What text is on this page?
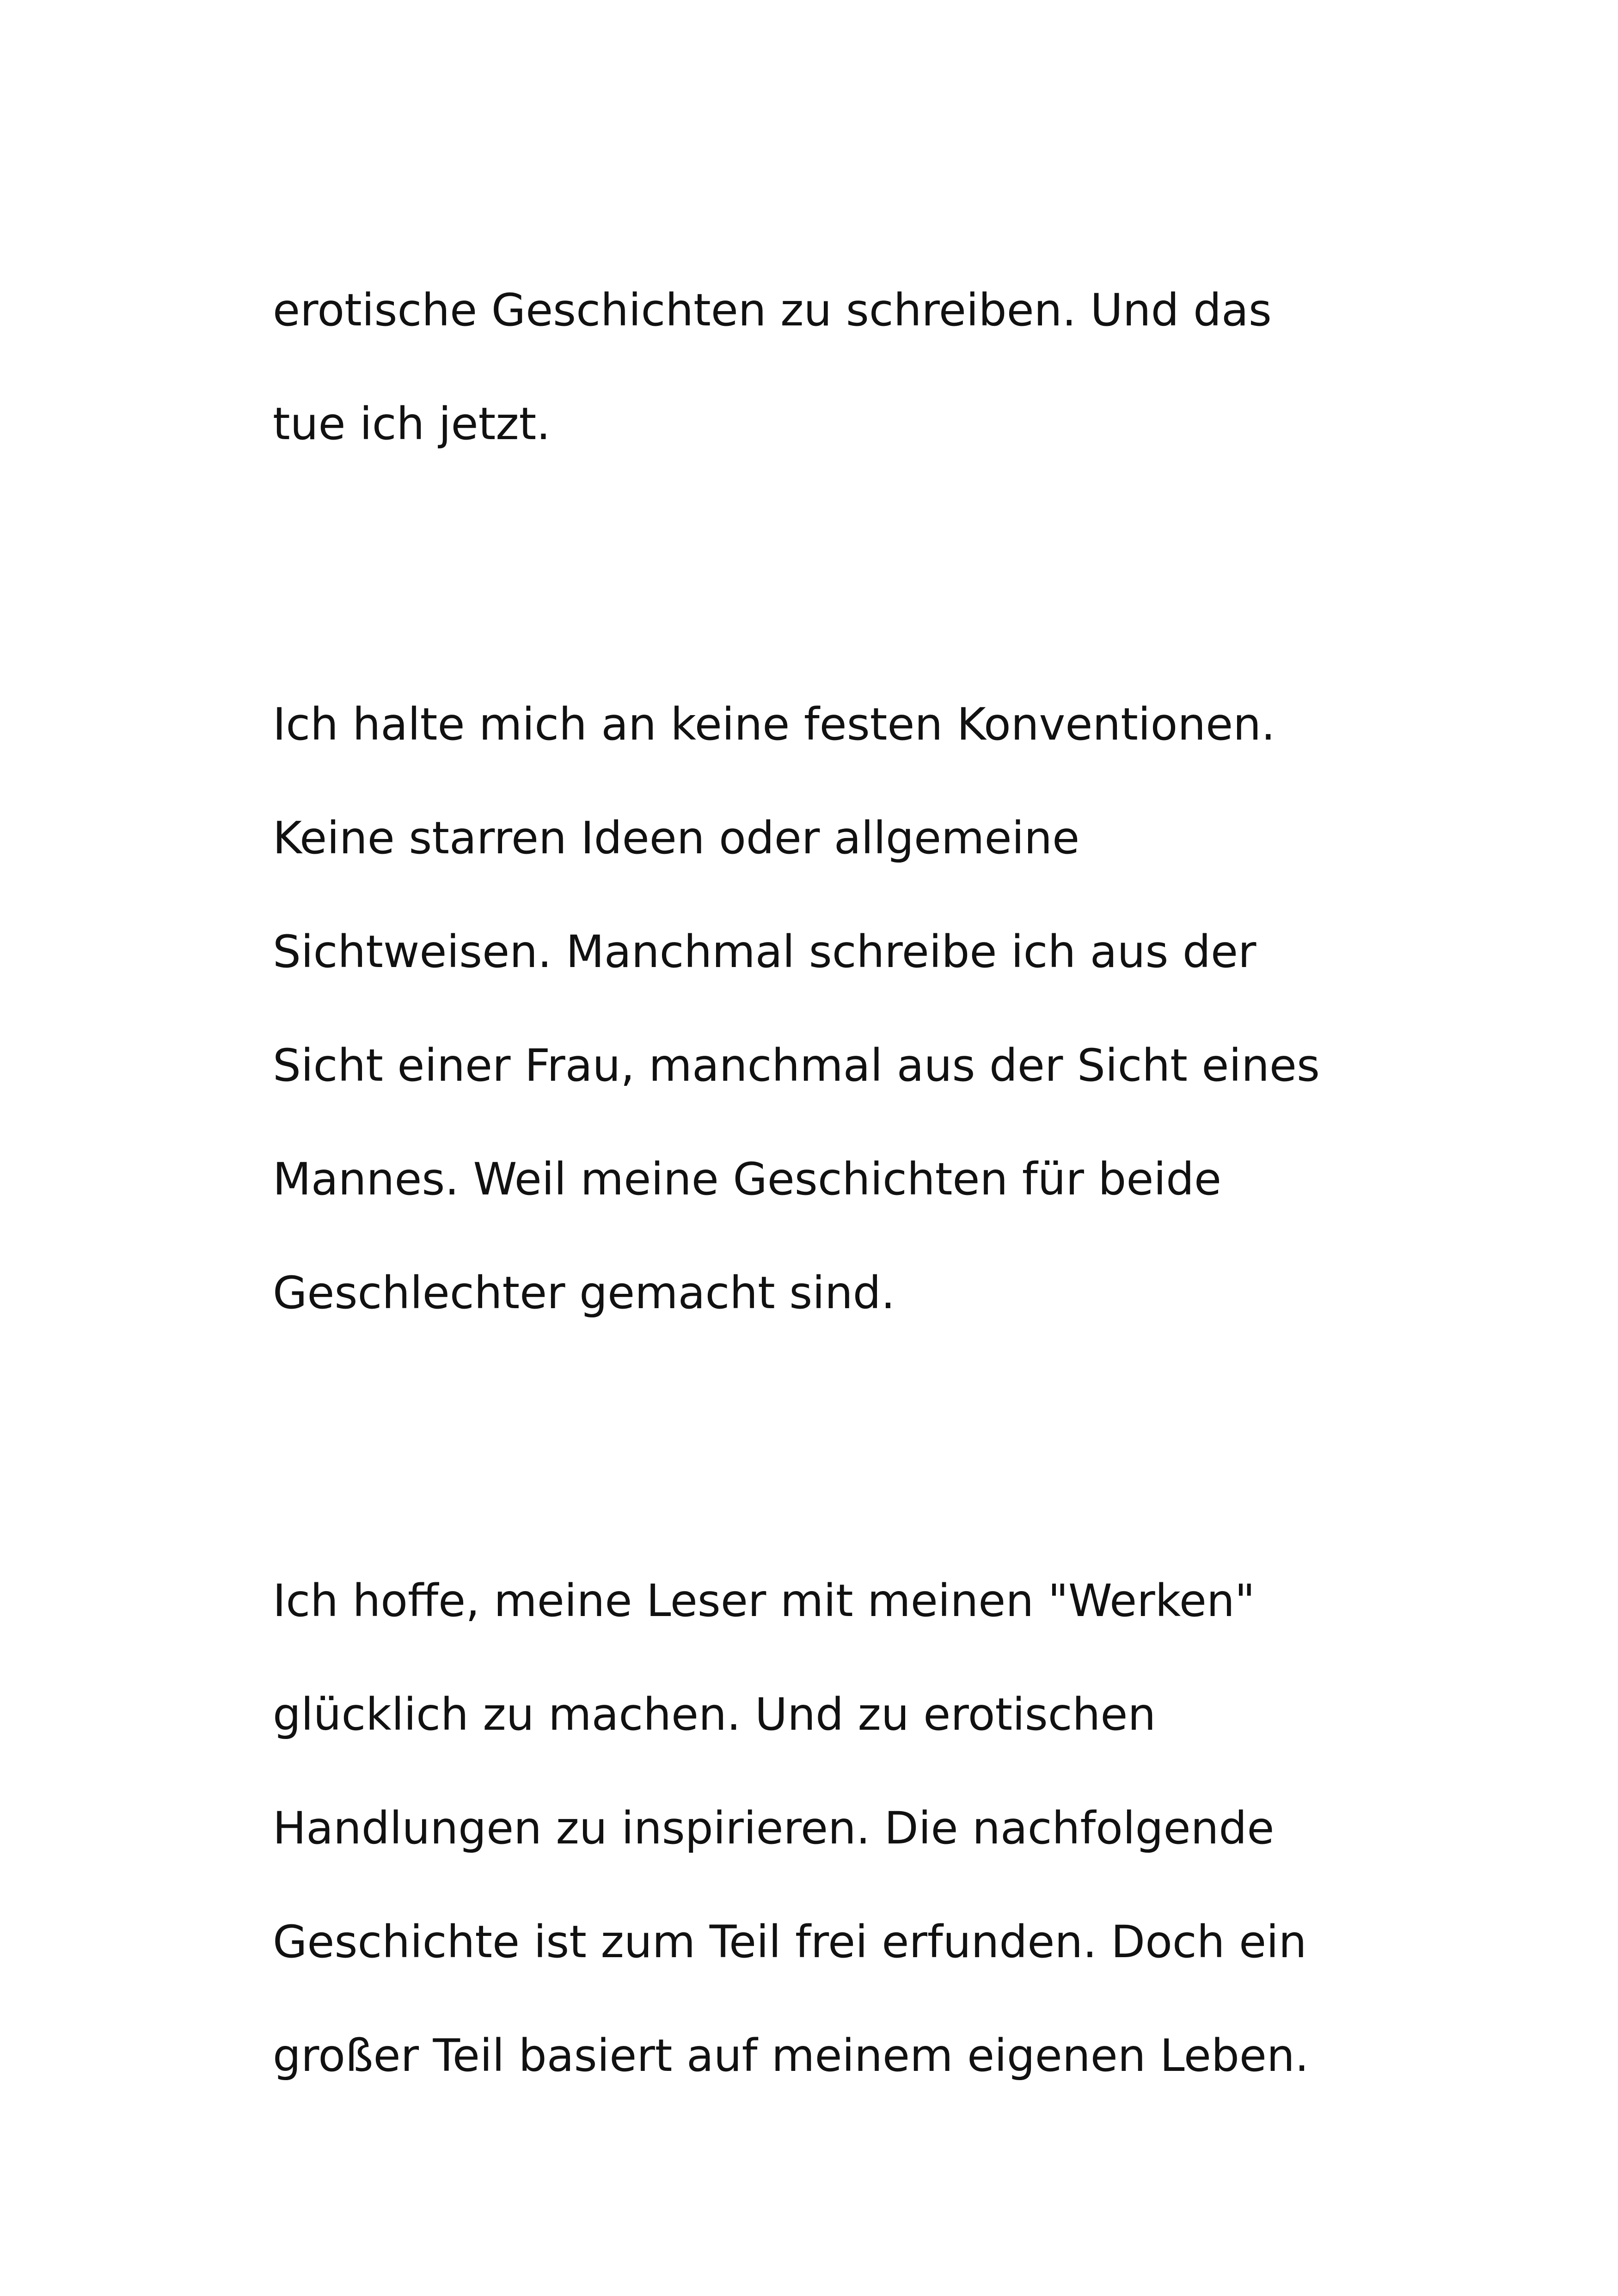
erotische Geschichten zu schreiben. Und das
tue ich jetzt.
Ich halte mich an keine festen Konventionen.
Keine starren Ideen oder allgemeine
Sichtweisen. Manchmal schreibe ich aus der
Sicht einer Frau, manchmal aus der Sicht eines
Mannes. Weil meine Geschichten für beide
Geschlechter gemacht sind.
Ich hoffe, meine Leser mit meinen "Werken"
glücklich zu machen. Und zu erotischen
Handlungen zu inspirieren. Die nachfolgende
Geschichte ist zum Teil frei erfunden. Doch ein
großer Teil basiert auf meinem eigenen Leben.
